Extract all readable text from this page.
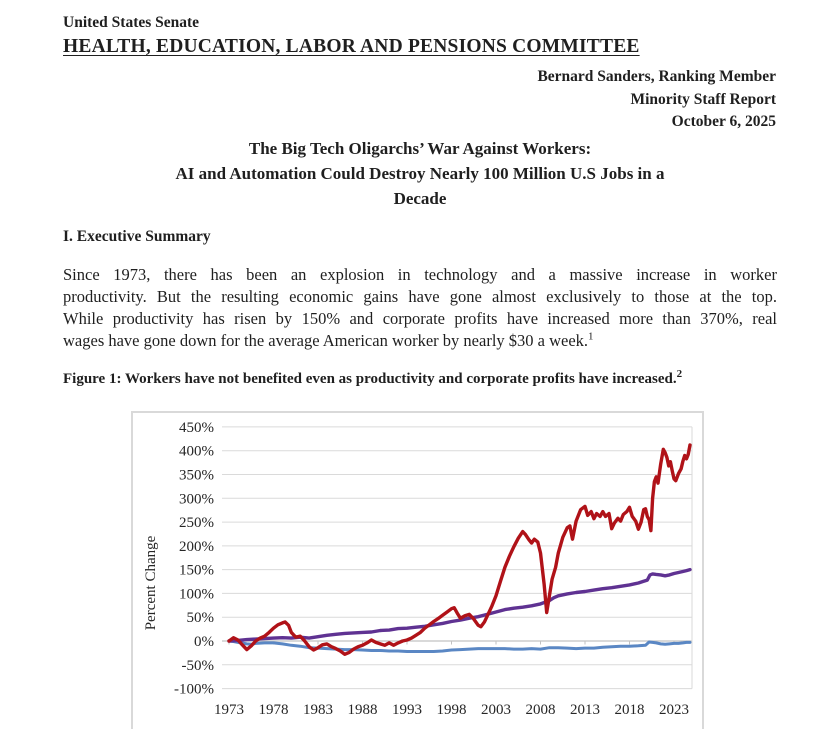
United States Senate
HEALTH, EDUCATION, LABOR AND PENSIONS COMMITTEE
Bernard Sanders, Ranking Member
Minority Staff Report
October 6, 2025
The Big Tech Oligarchs’ War Against Workers:
AI and Automation Could Destroy Nearly 100 Million U.S Jobs in a
Decade
I. Executive Summary
Since 1973, there has been an explosion in technology and a massive increase in worker
productivity. But the resulting economic gains have gone almost exclusively to those at the top.
While productivity has risen by 150% and corporate profits have increased more than 370%, real
wages have gone down for the average American worker by nearly $30 a week.$^1$
Figure 1: Workers have not benefited even as productivity and corporate profits have increased.$^2$
450%
400%
350%
300%
250%
200%
150%
100%
50%
0%
-50%
-100%
1973 1978 1983 1988 1993 1998 2003 2008 2013 2018 2023
Percent Change
